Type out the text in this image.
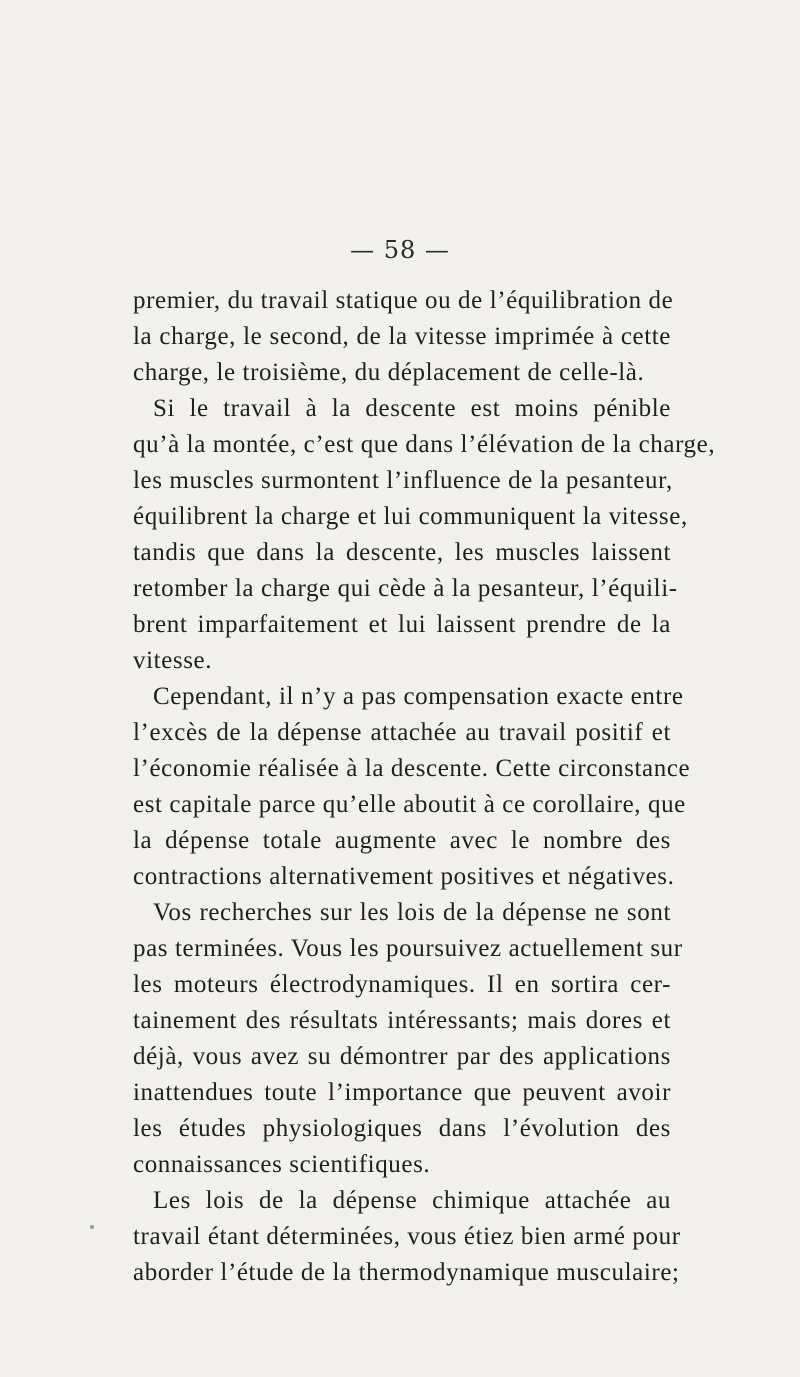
— 58 —
premier, du travail statique ou de l’équilibration de
la charge, le second, de la vitesse imprimée à cette
charge, le troisième, du déplacement de celle-là.
Si le travail à la descente est moins pénible
qu’à la montée, c’est que dans l’élévation de la charge,
les muscles surmontent l’influence de la pesanteur,
équilibrent la charge et lui communiquent la vitesse,
tandis que dans la descente, les muscles laissent
retomber la charge qui cède à la pesanteur, l’équili-
brent imparfaitement et lui laissent prendre de la
vitesse.
Cependant, il n’y a pas compensation exacte entre
l’excès de la dépense attachée au travail positif et
l’économie réalisée à la descente. Cette circonstance
est capitale parce qu’elle aboutit à ce corollaire, que
la dépense totale augmente avec le nombre des
contractions alternativement positives et négatives.
Vos recherches sur les lois de la dépense ne sont
pas terminées. Vous les poursuivez actuellement sur
les moteurs électrodynamiques. Il en sortira cer-
tainement des résultats intéressants; mais dores et
déjà, vous avez su démontrer par des applications
inattendues toute l’importance que peuvent avoir
les études physiologiques dans l’évolution des
connaissances scientifiques.
Les lois de la dépense chimique attachée au
travail étant déterminées, vous étiez bien armé pour
aborder l’étude de la thermodynamique musculaire;
